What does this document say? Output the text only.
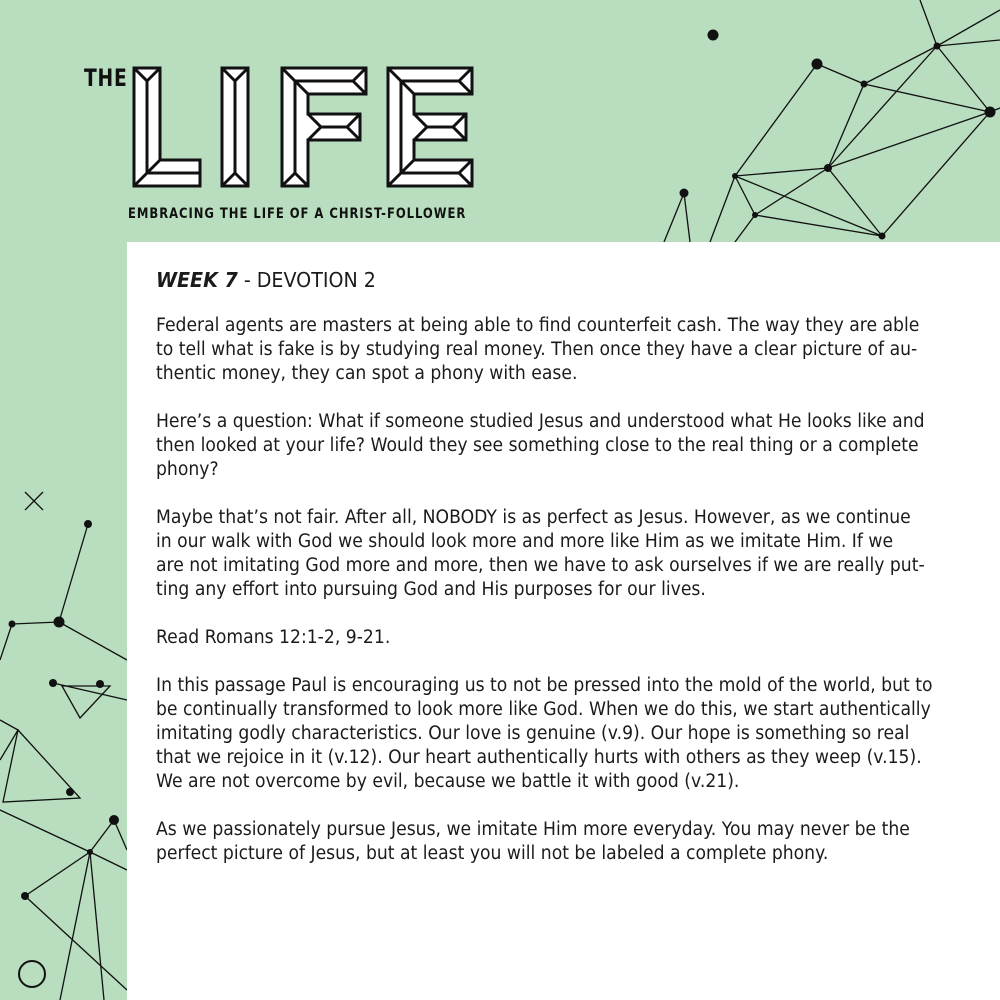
THE
EMBRACING THE LIFE OF A CHRIST-FOLLOWER
WEEK 7 - DEVOTION 2
Federal agents are masters at being able to find counterfeit cash. The way they are able
to tell what is fake is by studying real money. Then once they have a clear picture of au-
thentic money, they can spot a phony with ease.
Here’s a question: What if someone studied Jesus and understood what He looks like and
then looked at your life? Would they see something close to the real thing or a complete
phony?
Maybe that’s not fair. After all, NOBODY is as perfect as Jesus. However, as we continue
in our walk with God we should look more and more like Him as we imitate Him. If we
are not imitating God more and more, then we have to ask ourselves if we are really put-
ting any effort into pursuing God and His purposes for our lives.
Read Romans 12:1-2, 9-21.
In this passage Paul is encouraging us to not be pressed into the mold of the world, but to
be continually transformed to look more like God. When we do this, we start authentically
imitating godly characteristics. Our love is genuine (v.9). Our hope is something so real
that we rejoice in it (v.12). Our heart authentically hurts with others as they weep (v.15).
We are not overcome by evil, because we battle it with good (v.21).
As we passionately pursue Jesus, we imitate Him more everyday. You may never be the
perfect picture of Jesus, but at least you will not be labeled a complete phony.
